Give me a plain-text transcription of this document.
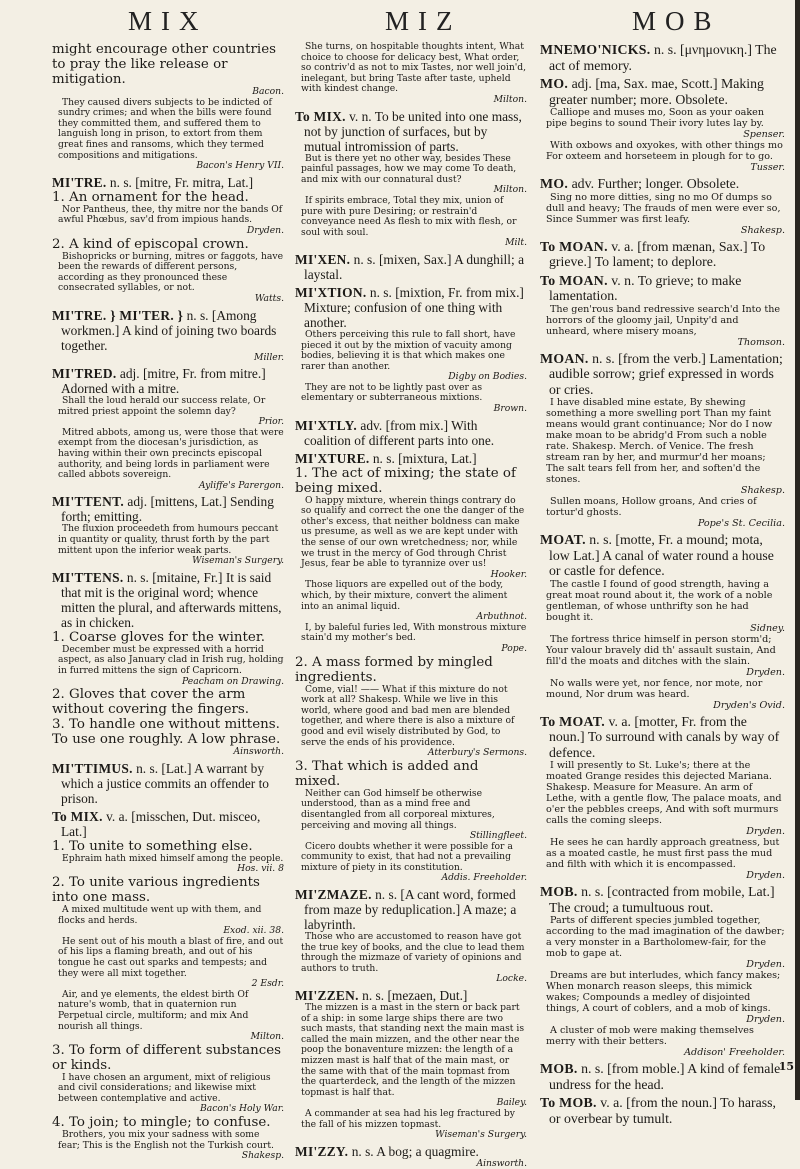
MIX	MIZ	MOB

might encourage other countries to pray the like release or mitigation.

Bacon.

They caused divers subjects to be indicted of sundry crimes; and when the bills were found they committed them, and suffered them to languish long in prison, to extort from them great fines and ransoms, which they termed compositions and mitigations.

Bacon's Henry VII.

MI'TRE. n. s. [mitre, Fr. mitra, Lat.]

1. An ornament for the head.

Nor Pantheus, thee, thy mitre nor the bands Of awful Phœbus, sav'd from impious hands.

Dryden.

2. A kind of episcopal crown.

Bishopricks or burning, mitres or faggots, have been the rewards of different persons, according as they pronounced these consecrated syllables, or not.

Watts.

MI'TRE. } MI'TER. } n. s. [Among workmen.] A kind of joining two boards together.

Miller.

MI'TRED. adj. [mitre, Fr. from mitre.] Adorned with a mitre.

Shall the loud herald our success relate, Or mitred priest appoint the solemn day?

Prior.

Mitred abbots, among us, were those that were exempt from the diocesan's jurisdiction, as having within their own precincts episcopal authority, and being lords in parliament were called abbots sovereign.

Ayliffe's Parergon.

MI'TTENT. adj. [mittens, Lat.] Sending forth; emitting.

The fluxion proceedeth from humours peccant in quantity or quality, thrust forth by the part mittent upon the inferior weak parts.

Wiseman's Surgery.

MI'TTENS. n. s. [mitaine, Fr.] It is said that mit is the original word; whence mitten the plural, and afterwards mittens, as in chicken.

1. Coarse gloves for the winter.

December must be expressed with a horrid aspect, as also January clad in Irish rug, holding in furred mittens the sign of Capricorn.

Peacham on Drawing.

2. Gloves that cover the arm without covering the fingers.

3. To handle one without mittens. To use one roughly. A low phrase.

Ainsworth.

MI'TTIMUS. n. s. [Lat.] A warrant by which a justice commits an offender to prison.

To MIX. v. a. [misschen, Dut. misceo, Lat.]

1. To unite to something else.

Ephraim hath mixed himself among the people.

Hos. vii. 8

2. To unite various ingredients into one mass.

A mixed multitude went up with them, and flocks and herds.

Exod. xii. 38.

He sent out of his mouth a blast of fire, and out of his lips a flaming breath, and out of his tongue he cast out sparks and tempests; and they were all mixt together.

2 Esdr.

Air, and ye elements, the eldest birth Of nature's womb, that in quaternion run Perpetual circle, multiform; and mix And nourish all things.

Milton.

3. To form of different substances or kinds.

I have chosen an argument, mixt of religious and civil considerations; and likewise mixt between contemplative and active.

Bacon's Holy War.

4. To join; to mingle; to confuse.

Brothers, you mix your sadness with some fear; This is the English not the Turkish court.

Shakesp.

She turns, on hospitable thoughts intent, What choice to choose for delicacy best, What order, so contriv'd as not to mix Tastes, nor well join'd, inelegant, but bring Taste after taste, upheld with kindest change.

Milton.

To MIX. v. n. To be united into one mass, not by junction of surfaces, but by mutual intromission of parts.

But is there yet no other way, besides These painful passages, how we may come To death, and mix with our connatural dust?

Milton.

If spirits embrace, Total they mix, union of pure with pure Desiring; or restrain'd conveyance need As flesh to mix with flesh, or soul with soul.

Milt.

MI'XEN. n. s. [mixen, Sax.] A dunghill; a laystal.

MI'XTION. n. s. [mixtion, Fr. from mix.] Mixture; confusion of one thing with another.

Others perceiving this rule to fall short, have pieced it out by the mixtion of vacuity among bodies, believing it is that which makes one rarer than another.

Digby on Bodies.

They are not to be lightly past over as elementary or subterraneous mixtions.

Brown.

MI'XTLY. adv. [from mix.] With coalition of different parts into one.

MI'XTURE. n. s. [mixtura, Lat.]

1. The act of mixing; the state of being mixed.

O happy mixture, wherein things contrary do so qualify and correct the one the danger of the other's excess, that neither boldness can make us presume, as well as we are kept under with the sense of our own wretchedness; nor, while we trust in the mercy of God through Christ Jesus, fear be able to tyrannize over us!

Hooker.

Those liquors are expelled out of the body, which, by their mixture, convert the aliment into an animal liquid.

Arbuthnot.

I, by baleful furies led, With monstrous mixture stain'd my mother's bed.

Pope.

2. A mass formed by mingled ingredients.

Come, vial! —— What if this mixture do not work at all? Shakesp. While we live in this world, where good and bad men are blended together, and where there is also a mixture of good and evil wisely distributed by God, to serve the ends of his providence.

Atterbury's Sermons.

3. That which is added and mixed.

Neither can God himself be otherwise understood, than as a mind free and disentangled from all corporeal mixtures, perceiving and moving all things.

Stillingfleet.

Cicero doubts whether it were possible for a community to exist, that had not a prevailing mixture of piety in its constitution.

Addis. Freeholder.

MI'ZMAZE. n. s. [A cant word, formed from maze by reduplication.] A maze; a labyrinth.

Those who are accustomed to reason have got the true key of books, and the clue to lead them through the mizmaze of variety of opinions and authors to truth.

Locke.

MI'ZZEN. n. s. [mezaen, Dut.]

The mizzen is a mast in the stern or back part of a ship: in some large ships there are two such masts, that standing next the main mast is called the main mizzen, and the other near the poop the bonaventure mizzen: the length of a mizzen mast is half that of the main mast, or the same with that of the main topmast from the quarterdeck, and the length of the mizzen topmast is half that.

Bailey.

A commander at sea had his leg fractured by the fall of his mizzen topmast.

Wiseman's Surgery.

MI'ZZY. n. s. A bog; a quagmire.

Ainsworth.

MNEMO'NICKS. n. s. [μνημονικη.] The act of memory.

MO. adj. [ma, Sax. mae, Scott.] Making greater number; more. Obsolete.

Calliope and muses mo, Soon as your oaken pipe begins to sound Their ivory lutes lay by.

Spenser.

With oxbows and oxyokes, with other things mo For oxteem and horseteem in plough for to go.

Tusser.

MO. adv. Further; longer. Obsolete.

Sing no more ditties, sing no mo Of dumps so dull and heavy; The frauds of men were ever so, Since Summer was first leafy.

Shakesp.

To MOAN. v. a. [from mænan, Sax.] To grieve.] To lament; to deplore.

To MOAN. v. n. To grieve; to make lamentation.

The gen'rous band redressive search'd Into the horrors of the gloomy jail, Unpity'd and unheard, where misery moans,

Thomson.

MOAN. n. s. [from the verb.] Lamentation; audible sorrow; grief expressed in words or cries.

I have disabled mine estate, By shewing something a more swelling port Than my faint means would grant continuance; Nor do I now make moan to be abridg'd From such a noble rate. Shakesp. Merch. of Venice. The fresh stream ran by her, and murmur'd her moans; The salt tears fell from her, and soften'd the stones.

Shakesp.

Sullen moans, Hollow groans, And cries of tortur'd ghosts.

Pope's St. Cecilia.

MOAT. n. s. [motte, Fr. a mound; mota, low Lat.] A canal of water round a house or castle for defence.

The castle I found of good strength, having a great moat round about it, the work of a noble gentleman, of whose unthrifty son he had bought it.

Sidney.

The fortress thrice himself in person storm'd; Your valour bravely did th' assault sustain, And fill'd the moats and ditches with the slain.

Dryden.

No walls were yet, nor fence, nor mote, nor mound, Nor drum was heard.

Dryden's Ovid.

To MOAT. v. a. [motter, Fr. from the noun.] To surround with canals by way of defence.

I will presently to St. Luke's; there at the moated Grange resides this dejected Mariana. Shakesp. Measure for Measure. An arm of Lethe, with a gentle flow, The palace moats, and o'er the pebbles creeps, And with soft murmurs calls the coming sleeps.

Dryden.

He sees he can hardly approach greatness, but as a moated castle, he must first pass the mud and filth with which it is encompassed.

Dryden.

MOB. n. s. [contracted from mobile, Lat.] The croud; a tumultuous rout.

Parts of different species jumbled together, according to the mad imagination of the dawber; a very monster in a Bartholomew-fair, for the mob to gape at.

Dryden.

Dreams are but interludes, which fancy makes; When monarch reason sleeps, this mimick wakes; Compounds a medley of disjointed things, A court of coblers, and a mob of kings.

Dryden.

A cluster of mob were making themselves merry with their betters.

Addison' Freeholder.

MOB. n. s. [from moble.] A kind of female undress for the head.

To MOB. v. a. [from the noun.] To harass, or overbear by tumult.

15
